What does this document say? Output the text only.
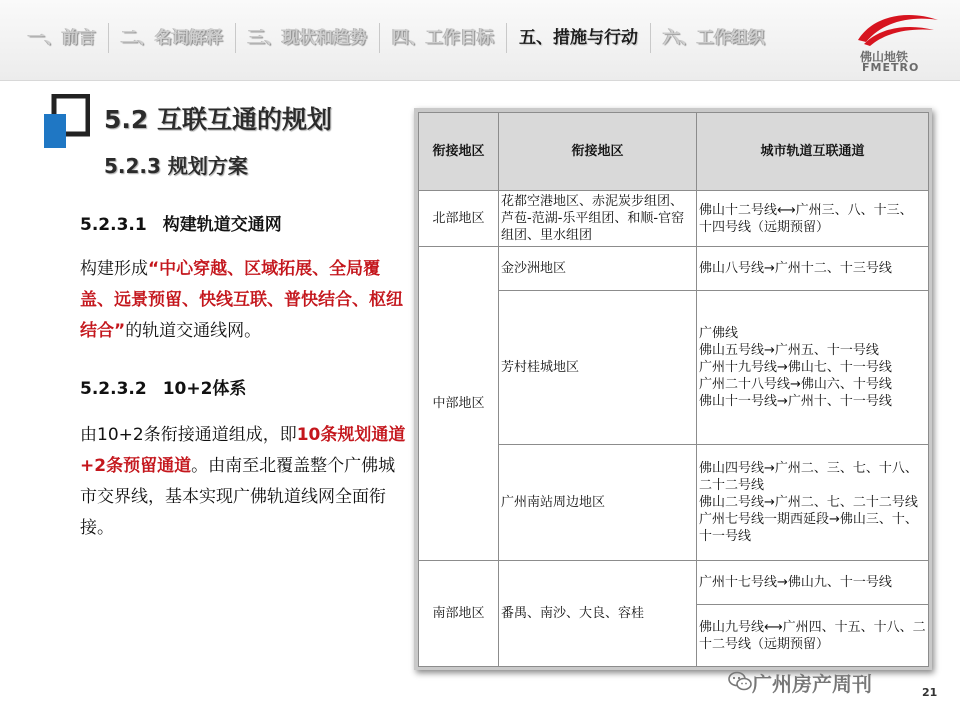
一、前言	二、名词解释	三、现状和趋势	四、工作目标	五、措施与行动	六、工作组织
佛山地铁
FMETRO
5.2 互联互通的规划
5.2.3 规划方案
5.2.3.1 构建轨道交通网
构建形成“中心穿越、区域拓展、全局覆盖、远景预留、快线互联、普快结合、枢纽结合”的轨道交通线网。
5.2.3.2 10+2体系
由10+2条衔接通道组成，即10条规划通道+2条预留通道。由南至北覆盖整个广佛城市交界线，基本实现广佛轨道线网全面衔接。
衔接地区	衔接地区	城市轨道互联通道
北部地区	花都空港地区、赤泥炭步组团、芦苞-范湖-乐平组团、和顺-官窑组团、里水组团	佛山十二号线⟷广州三、八、十三、
十四号线（远期预留）
中部地区	金沙洲地区	佛山八号线→广州十二、十三号线
	芳村桂城地区	广佛线
佛山五号线→广州五、十一号线
广州十九号线→佛山七、十一号线
广州二十八号线→佛山六、十号线
佛山十一号线→广州十、十一号线
	广州南站周边地区	佛山四号线→广州二、三、七、十八、二十二号线
佛山二号线→广州二、七、二十二号线
广州七号线一期西延段→佛山三、十、十一号线
南部地区	番禺、南沙、大良、容桂	广州十七号线→佛山九、十一号线
		佛山九号线⟷广州四、十五、十八、二十二号线（远期预留）
广州房产周刊	21
